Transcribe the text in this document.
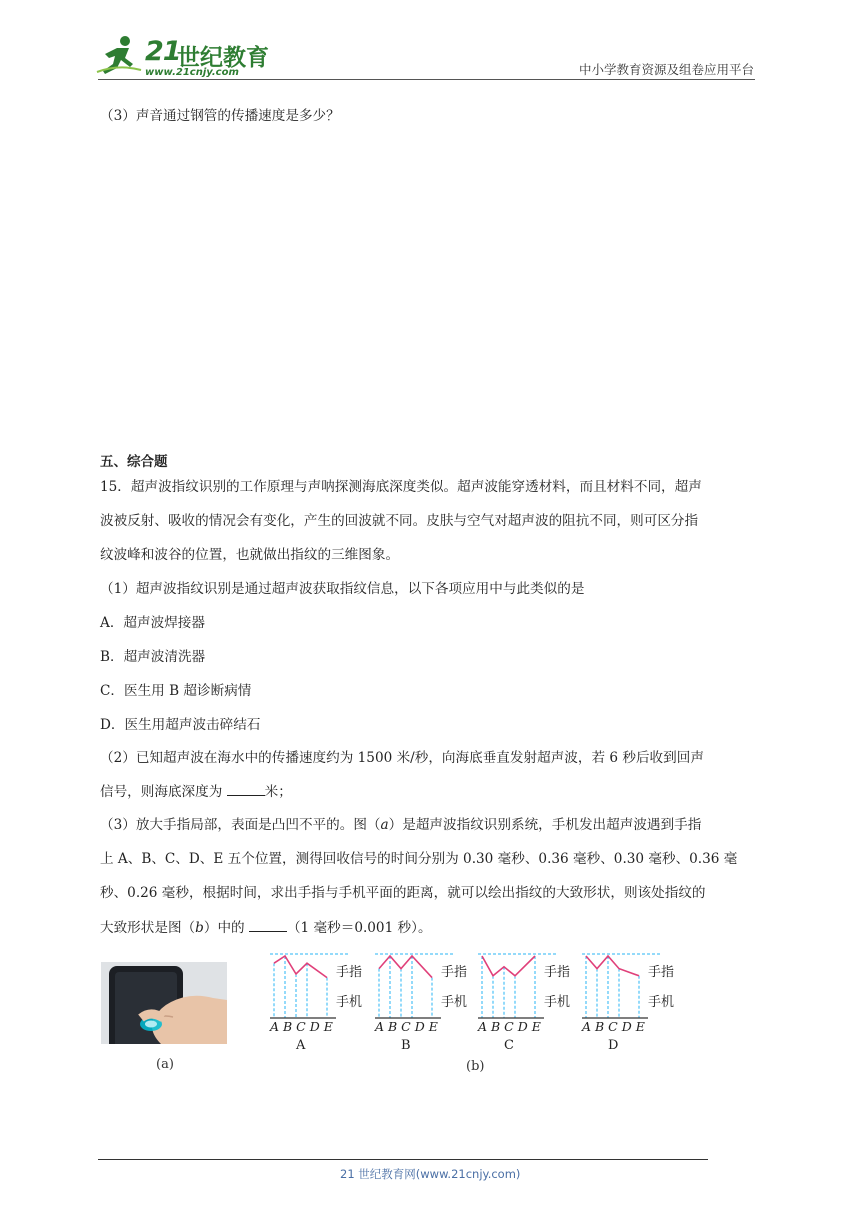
21
世纪教育
www.21cnjy.com	中小学教育资源及组卷应用平台
（3）声音通过钢管的传播速度是多少？
五、综合题
15．超声波指纹识别的工作原理与声呐探测海底深度类似。超声波能穿透材料，而且材料不同，超声
波被反射、吸收的情况会有变化，产生的回波就不同。皮肤与空气对超声波的阻抗不同，则可区分指
纹波峰和波谷的位置，也就做出指纹的三维图象。
（1）超声波指纹识别是通过超声波获取指纹信息，以下各项应用中与此类似的是
A．超声波焊接器
B．超声波清洗器
C．医生用 B 超诊断病情
D．医生用超声波击碎结石
（2）已知超声波在海水中的传播速度约为 1500 米/秒，向海底垂直发射超声波，若 6 秒后收到回声
信号，则海底深度为	米；
（3）放大手指局部，表面是凸凹不平的。图（a）是超声波指纹识别系统，手机发出超声波遇到手指
上 A、B、C、D、E 五个位置，测得回收信号的时间分别为 0.30 毫秒、0.36 毫秒、0.30 毫秒、0.36 毫
秒、0.26 毫秒，根据时间，求出手指与手机平面的距离，就可以绘出指纹的大致形状，则该处指纹的
大致形状是图（b）中的	（1 毫秒＝0.001 秒）。
(a)
A B C D E
A
手指
手机
A B C D E
B
手指
手机
A B C D E
C
手指
手机
A B C D E
D
手指
手机
(b)
21 世纪教育网(www.21cnjy.com)
